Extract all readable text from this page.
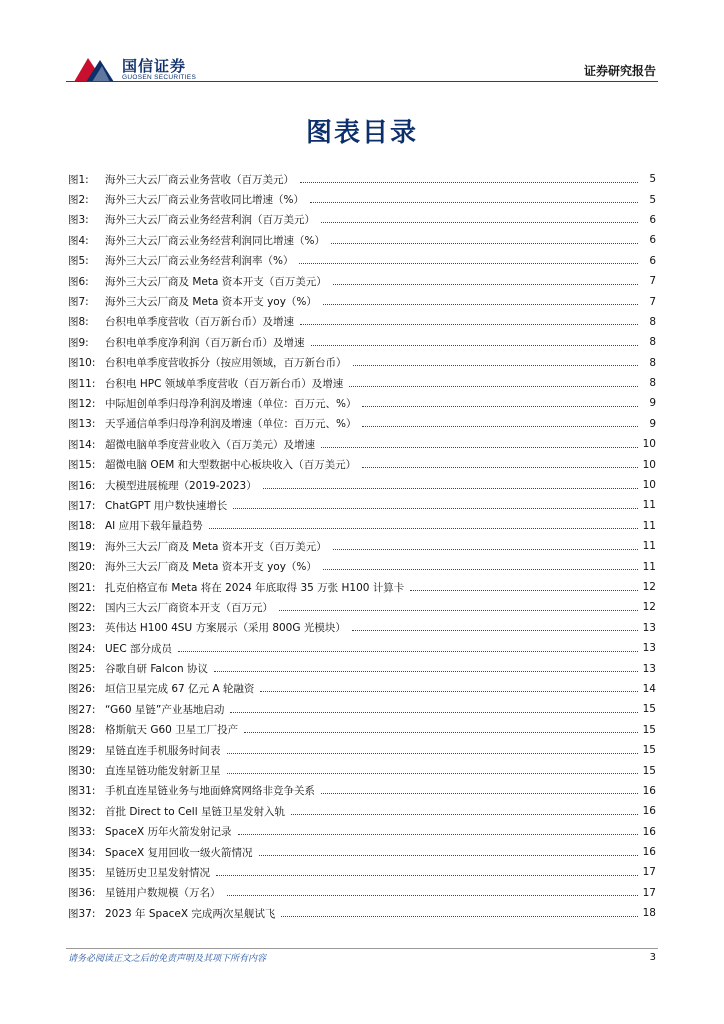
国信证券
GUOSEN SECURITIES	证券研究报告
图表目录
图1:	海外三大云厂商云业务营收（百万美元）	5
图2:	海外三大云厂商云业务营收同比增速（%）	5
图3:	海外三大云厂商云业务经营利润（百万美元）	6
图4:	海外三大云厂商云业务经营利润同比增速（%）	6
图5:	海外三大云厂商云业务经营利润率（%）	6
图6:	海外三大云厂商及 Meta 资本开支（百万美元）	7
图7:	海外三大云厂商及 Meta 资本开支 yoy（%）	7
图8:	台积电单季度营收（百万新台币）及增速	8
图9:	台积电单季度净利润（百万新台币）及增速	8
图10: 台积电单季度营收拆分（按应用领域，百万新台币）	8
图11: 台积电 HPC 领域单季度营收（百万新台币）及增速	8
图12: 中际旭创单季归母净利润及增速（单位：百万元、%）	9
图13: 天孚通信单季归母净利润及增速（单位：百万元、%）	9
图14: 超微电脑单季度营业收入（百万美元）及增速	10
图15: 超微电脑 OEM 和大型数据中心板块收入（百万美元）	10
图16: 大模型进展梳理（2019-2023）	10
图17: ChatGPT 用户数快速增长	11
图18: AI 应用下载年量趋势	11
图19: 海外三大云厂商及 Meta 资本开支（百万美元）	11
图20: 海外三大云厂商及 Meta 资本开支 yoy（%）	11
图21: 扎克伯格宣布 Meta 将在 2024 年底取得 35 万张 H100 计算卡	12
图22: 国内三大云厂商资本开支（百万元）	12
图23: 英伟达 H100 4SU 方案展示（采用 800G 光模块）	13
图24: UEC 部分成员	13
图25: 谷歌自研 Falcon 协议	13
图26: 垣信卫星完成 67 亿元 A 轮融资	14
图27: “G60 星链”产业基地启动	15
图28: 格斯航天 G60 卫星工厂投产	15
图29: 星链直连手机服务时间表	15
图30: 直连星链功能发射新卫星	15
图31: 手机直连星链业务与地面蜂窝网络非竞争关系	16
图32: 首批 Direct to Cell 星链卫星发射入轨	16
图33: SpaceX 历年火箭发射记录	16
图34: SpaceX 复用回收一级火箭情况	16
图35: 星链历史卫星发射情况	17
图36: 星链用户数规模（万名）	17
图37: 2023 年 SpaceX 完成两次星舰试飞	18
请务必阅读正文之后的免责声明及其项下所有内容	3
